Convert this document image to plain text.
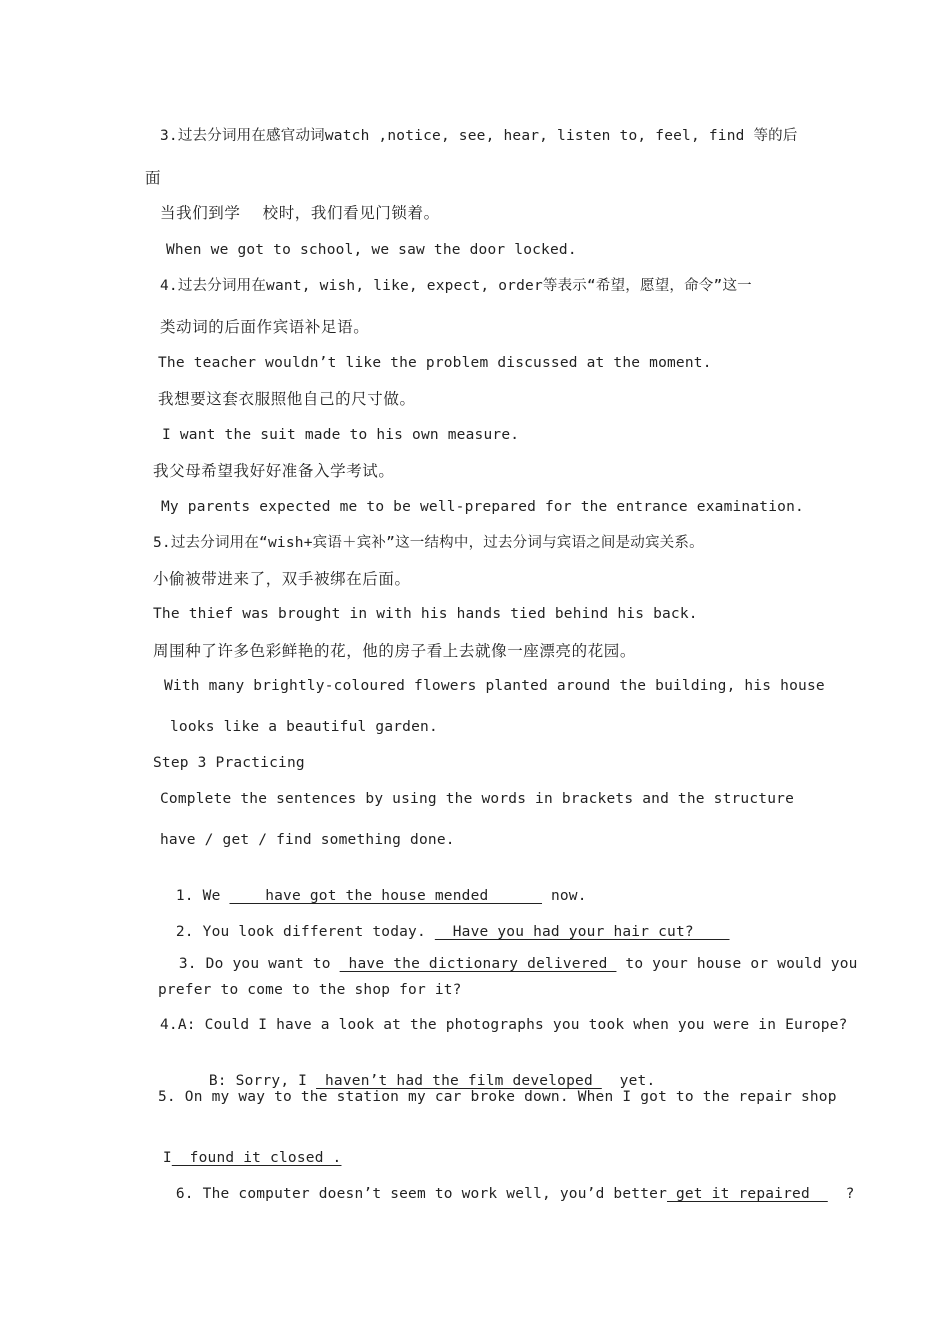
3.过去分词用在感官动词watch ,notice, see, hear, listen to, feel, find 等的后
面
当我们到学    校时，我们看见门锁着。
When we got to school, we saw the door locked.
4.过去分词用在want, wish, like, expect, order等表示“希望，愿望，命令”这一
类动词的后面作宾语补足语。
The teacher wouldn’t like the problem discussed at the moment.
我想要这套衣服照他自己的尺寸做。
I want the suit made to his own measure.
我父母希望我好好准备入学考试。
My parents expected me to be well-prepared for the entrance examination.
5.过去分词用在“wish+宾语＋宾补”这一结构中，过去分词与宾语之间是动宾关系。
小偷被带进来了，双手被绑在后面。
The thief was brought in with his hands tied behind his back.
周围种了许多色彩鲜艳的花，他的房子看上去就像一座漂亮的花园。
With many brightly-coloured flowers planted around the building, his house
looks like a beautiful garden.
Step 3 Practicing
Complete the sentences by using the words in brackets and the structure
have / get / find something done.

1. We     have got the house mended_      now.

2. You look different today.  _Have you had your hair cut?

3. Do you want to  have the dictionary delivered  to your house or would you

prefer to come to the shop for it?
4.A: Could I have a look at the photographs you took when you were in Europe?

B: Sorry, I  haven’t had the film developed   yet.

5. On my way to the station my car broke down. When I got to the repair shop

I  found it closed .

6. The computer doesn’t seem to work well, you’d better get it repaired    ?
